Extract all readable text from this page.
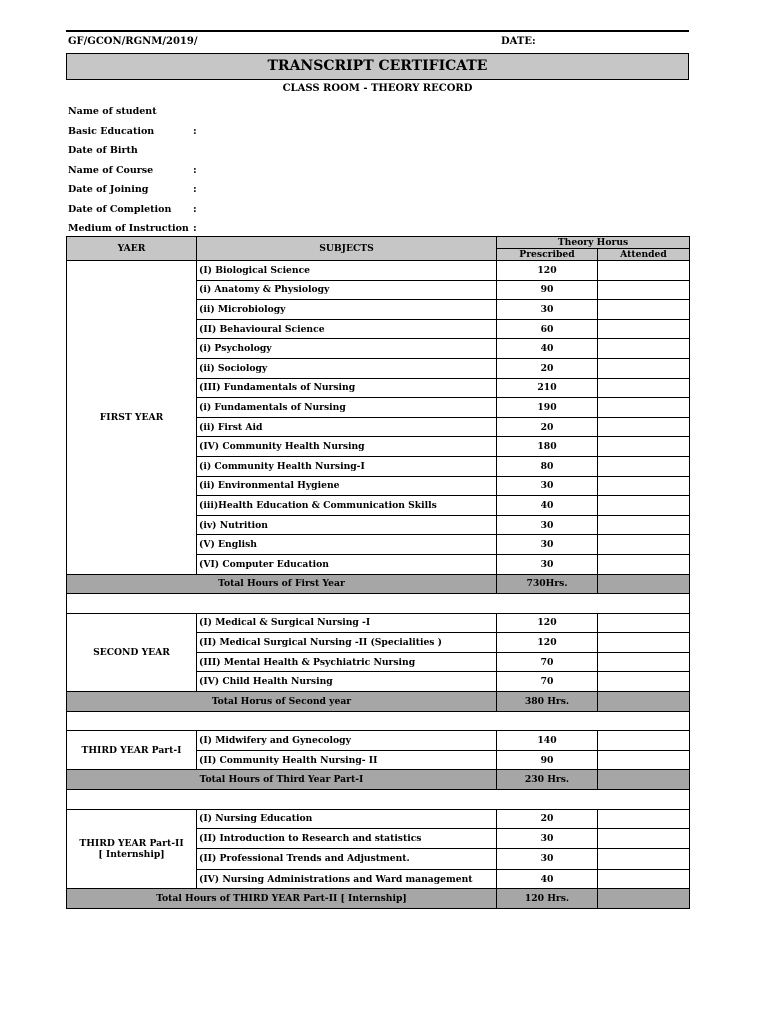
GF/GCON/RGNM/2019/	DATE:
TRANSCRIPT CERTIFICATE
CLASS ROOM - THEORY RECORD
Name of student
Basic Education	:
Date of Birth
Name of Course	:
Date of Joining	:
Date of Completion :
Medium of Instruction :
YAER	SUBJECTS	Theory Horus	
		Prescribed	Attended
FIRST YEAR	(I) Biological Science	120	
	(i) Anatomy & Physiology	90	
	(ii) Microbiology	30	
	(II) Behavioural Science	60	
	(i) Psychology	40	
	(ii) Sociology	20	
	(III) Fundamentals of Nursing	210	
	(i) Fundamentals of Nursing	190	
	(ii) First Aid	20	
	(IV) Community Health Nursing	180	
	(i) Community Health Nursing-I	80	
	(ii) Environmental Hygiene	30	
	(iii)Health Education & Communication Skills	40	
	(iv) Nutrition	30	
	(V) English	30	
	(VI) Computer Education	30	
Total Hours of First Year		730Hrs.	

SECOND YEAR	(I) Medical & Surgical Nursing -I	120	
	(II) Medical Surgical Nursing -II (Specialities )	120	
	(III) Mental Health & Psychiatric Nursing	70	
	(IV) Child Health Nursing	70	
Total Horus of Second year		380 Hrs.	

THIRD YEAR Part-I	(I) Midwifery and Gynecology	140	
	(II) Community Health Nursing- II	90	
Total Hours of Third Year Part-I		230 Hrs.	

THIRD YEAR Part-II
[ Internship]	(I) Nursing Education	20	
	(II) Introduction to Research and statistics	30	
	(II) Professional Trends and Adjustment.	30	
	(IV) Nursing Administrations and Ward management	40	
Total Hours of THIRD YEAR Part-II [ Internship]		120 Hrs.	
